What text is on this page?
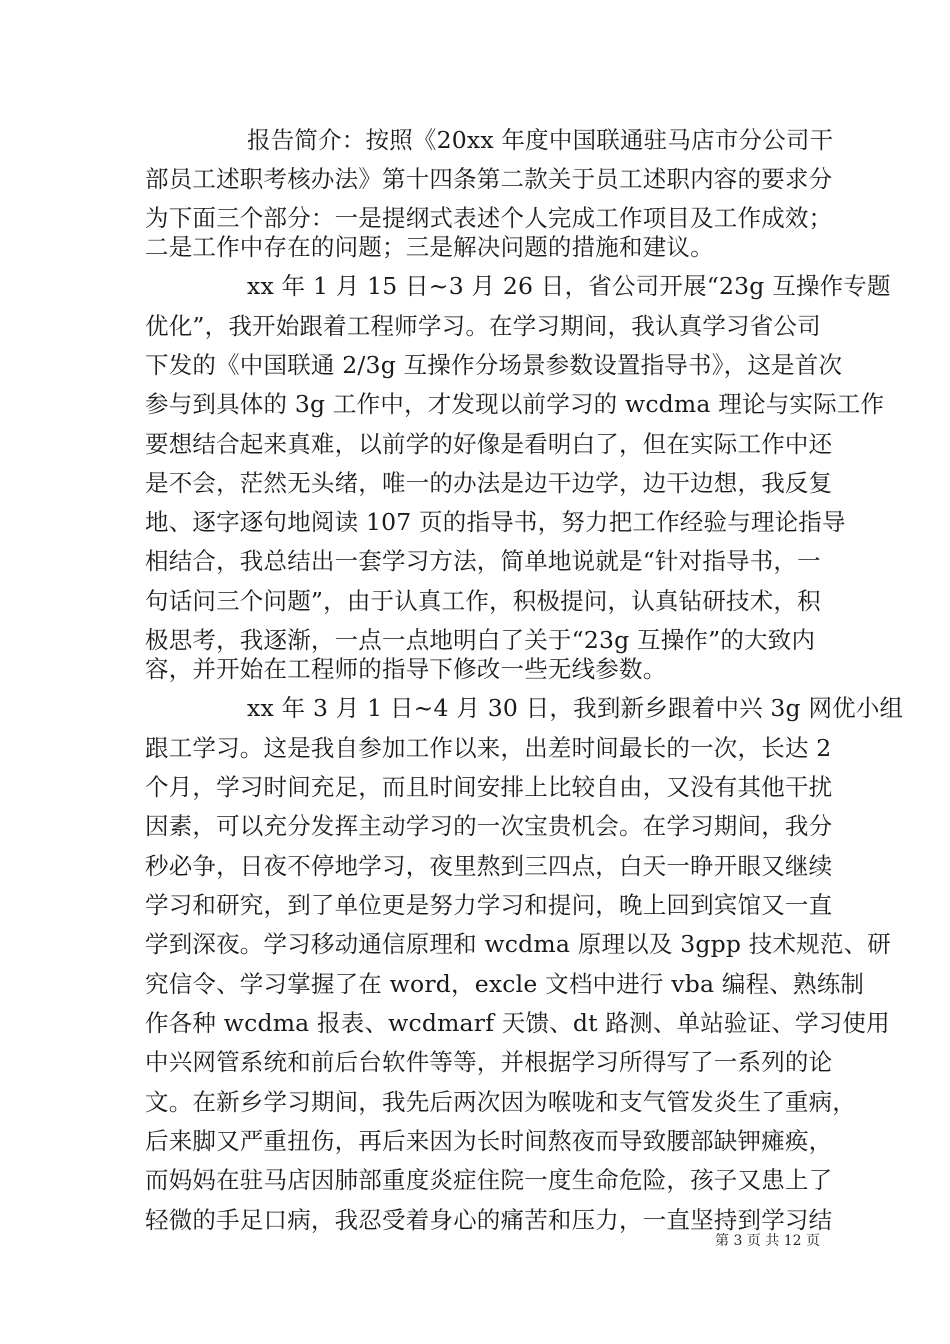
报告简介：按照《20xx 年度中国联通驻马店市分公司干
部员工述职考核办法》第十四条第二款关于员工述职内容的要求分
为下面三个部分：一是提纲式表述个人完成工作项目及工作成效；
二是工作中存在的问题；三是解决问题的措施和建议。
xx 年 1 月 15 日~3 月 26 日，省公司开展“23g 互操作专题
优化”，我开始跟着工程师学习。在学习期间，我认真学习省公司
下发的《中国联通 2/3g 互操作分场景参数设置指导书》，这是首次
参与到具体的 3g 工作中，才发现以前学习的 wcdma 理论与实际工作
要想结合起来真难，以前学的好像是看明白了，但在实际工作中还
是不会，茫然无头绪，唯一的办法是边干边学，边干边想，我反复
地、逐字逐句地阅读 107 页的指导书，努力把工作经验与理论指导
相结合，我总结出一套学习方法，简单地说就是“针对指导书，一
句话问三个问题”，由于认真工作，积极提问，认真钻研技术，积
极思考，我逐渐，一点一点地明白了关于“23g 互操作”的大致内
容，并开始在工程师的指导下修改一些无线参数。
xx 年 3 月 1 日~4 月 30 日，我到新乡跟着中兴 3g 网优小组
跟工学习。这是我自参加工作以来，出差时间最长的一次，长达 2
个月，学习时间充足，而且时间安排上比较自由，又没有其他干扰
因素，可以充分发挥主动学习的一次宝贵机会。在学习期间，我分
秒必争，日夜不停地学习，夜里熬到三四点，白天一睁开眼又继续
学习和研究，到了单位更是努力学习和提问，晚上回到宾馆又一直
学到深夜。学习移动通信原理和 wcdma 原理以及 3gpp 技术规范、研
究信令、学习掌握了在 word，excle 文档中进行 vba 编程、熟练制
作各种 wcdma 报表、wcdmarf 天馈、dt 路测、单站验证、学习使用
中兴网管系统和前后台软件等等，并根据学习所得写了一系列的论
文。在新乡学习期间，我先后两次因为喉咙和支气管发炎生了重病，
后来脚又严重扭伤，再后来因为长时间熬夜而导致腰部缺钾瘫痪，
而妈妈在驻马店因肺部重度炎症住院一度生命危险，孩子又患上了
轻微的手足口病，我忍受着身心的痛苦和压力，一直坚持到学习结
第 3 页 共 12 页
